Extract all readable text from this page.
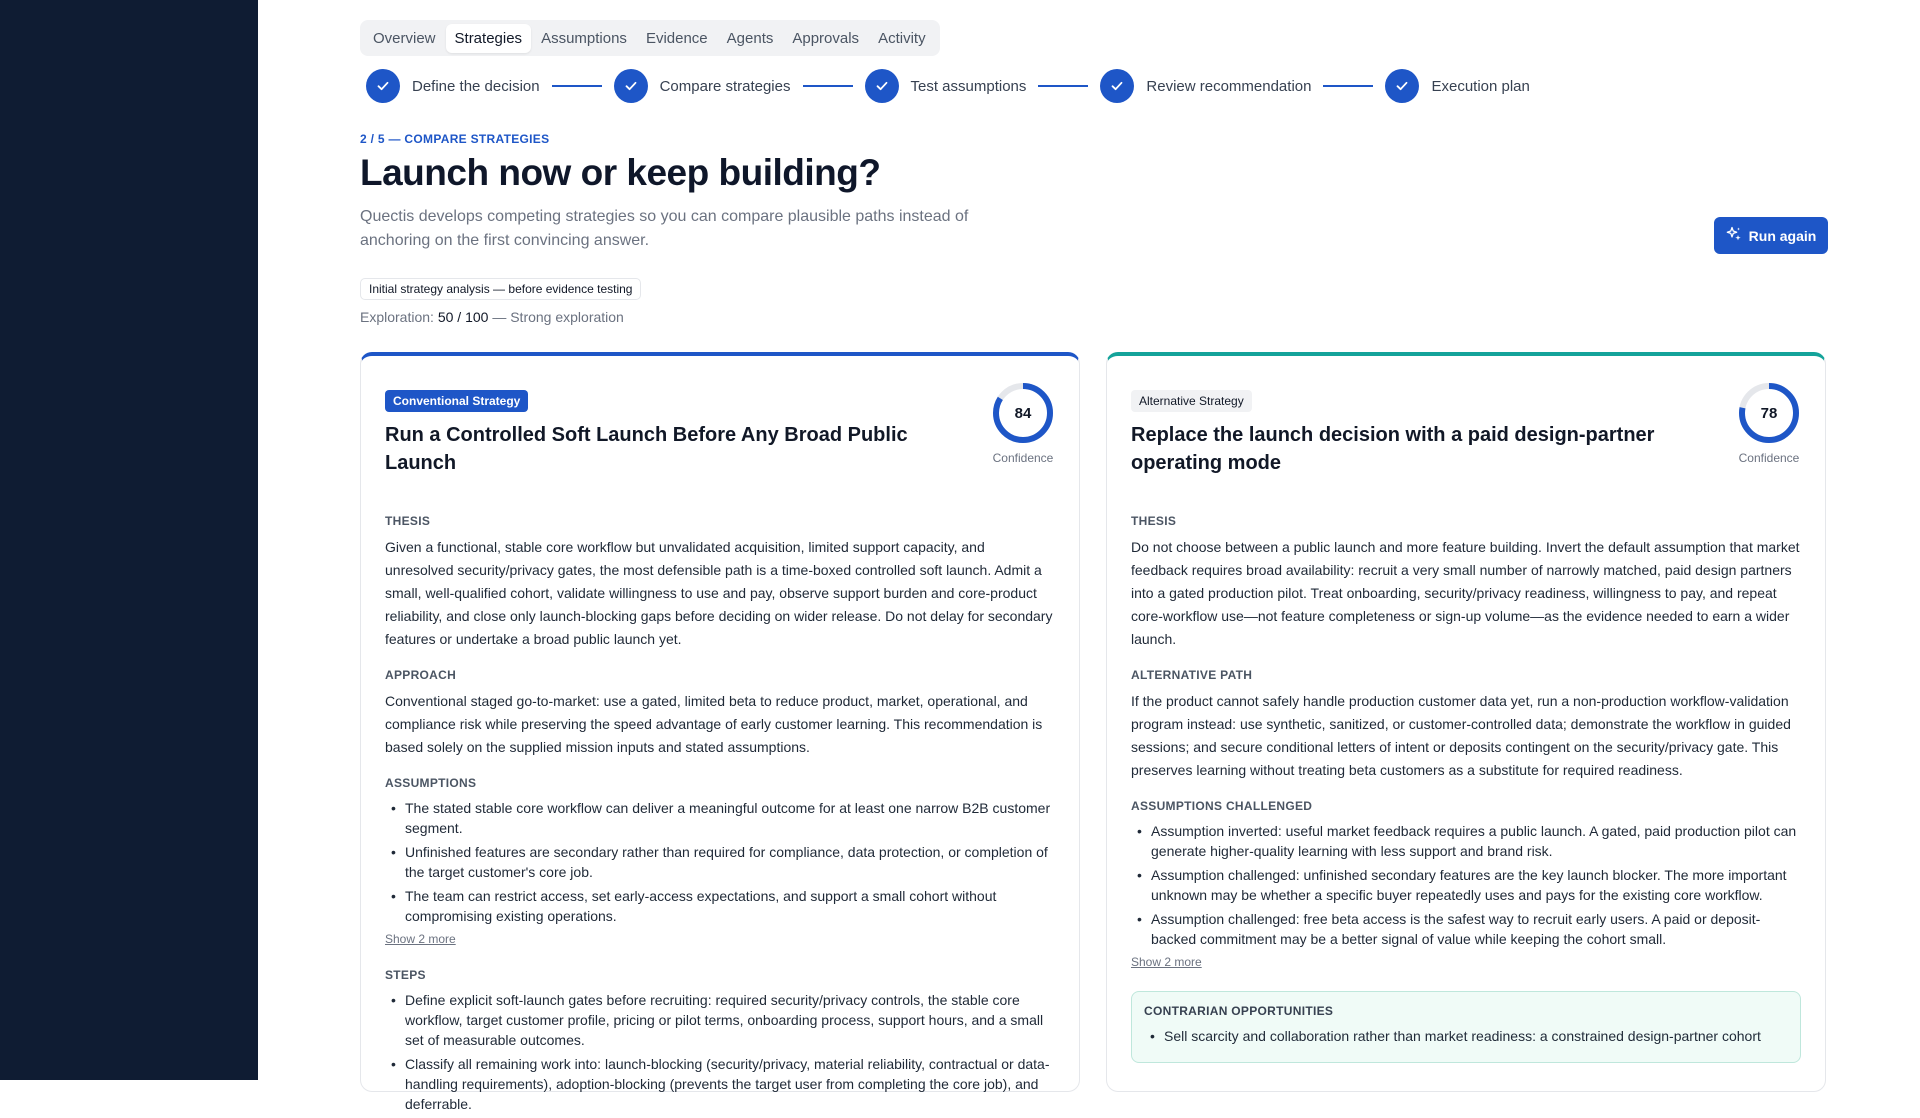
Overview	Strategies	Assumptions	Evidence	Agents	Approvals	Activity
Define the decision	Compare strategies	Test assumptions	Review recommendation	Execution plan
2 / 5 — COMPARE STRATEGIES
Launch now or keep building?

Quectis develops competing strategies so you can compare plausible paths instead of anchoring on the first convincing answer.	Run again
Initial strategy analysis — before evidence testing
Exploration: 50 / 100 — Strong exploration
Conventional Strategy
Run a Controlled Soft Launch Before Any Broad Public Launch
84
Confidence
THESIS

Given a functional, stable core workflow but unvalidated acquisition, limited support capacity, and unresolved security/privacy gates, the most defensible path is a time-boxed controlled soft launch. Admit a small, well-qualified cohort, validate willingness to use and pay, observe support burden and core-product reliability, and close only launch-blocking gaps before deciding on wider release. Do not delay for secondary features or undertake a broad public launch yet.

APPROACH

Conventional staged go-to-market: use a gated, limited beta to reduce product, market, operational, and compliance risk while preserving the speed advantage of early customer learning. This recommendation is based solely on the supplied mission inputs and stated assumptions.

ASSUMPTIONS
• The stated stable core workflow can deliver a meaningful outcome for at least one narrow B2B customer segment.
• Unfinished features are secondary rather than required for compliance, data protection, or completion of the target customer's core job.
• The team can restrict access, set early-access expectations, and support a small cohort without compromising existing operations.
Show 2 more
STEPS
• Define explicit soft-launch gates before recruiting: required security/privacy controls, the stable core workflow, target customer profile, pricing or pilot terms, onboarding process, support hours, and a small set of measurable outcomes.
• Classify all remaining work into: launch-blocking (security/privacy, material reliability, contractual or data-handling requirements), adoption-blocking (prevents the target user from completing the core job), and deferrable.
Alternative Strategy
Replace the launch decision with a paid design-partner operating mode
78
Confidence
THESIS

Do not choose between a public launch and more feature building. Invert the default assumption that market feedback requires broad availability: recruit a very small number of narrowly matched, paid design partners into a gated production pilot. Treat onboarding, security/privacy readiness, willingness to pay, and repeat core-workflow use—not feature completeness or sign-up volume—as the evidence needed to earn a wider launch.

ALTERNATIVE PATH

If the product cannot safely handle production customer data yet, run a non-production workflow-validation program instead: use synthetic, sanitized, or customer-controlled data; demonstrate the workflow in guided sessions; and secure conditional letters of intent or deposits contingent on the security/privacy gate. This preserves learning without treating beta customers as a substitute for required readiness.

ASSUMPTIONS CHALLENGED
• Assumption inverted: useful market feedback requires a public launch. A gated, paid production pilot can generate higher-quality learning with less support and brand risk.
• Assumption challenged: unfinished secondary features are the key launch blocker. The more important unknown may be whether a specific buyer repeatedly uses and pays for the existing core workflow.
• Assumption challenged: free beta access is the safest way to recruit early users. A paid or deposit-backed commitment may be a better signal of value while keeping the cohort small.
Show 2 more
CONTRARIAN OPPORTUNITIES
• Sell scarcity and collaboration rather than market readiness: a constrained design-partner cohort
